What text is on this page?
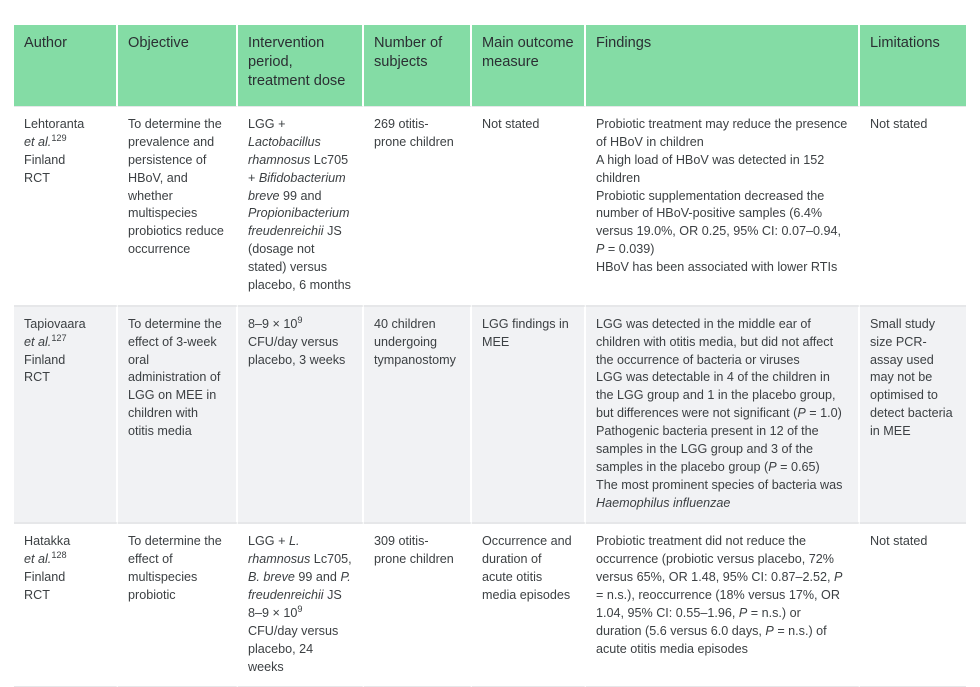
Author	Objective	Intervention period, treatment dose	Number of subjects	Main outcome measure	Findings	Limitations

Lehtoranta
et al.$^{129}$
Finland
RCT
	To determine the prevalence and persistence of HBoV, and whether multispecies probiotics reduce occurrence	LGG + Lactobacillus rhamnosus Lc705 + Bifidobacterium breve 99 and Propionibacterium freudenreichii JS (dosage not stated) versus placebo, 6 months	269 otitis-prone children	Not stated	Probiotic treatment may reduce the presence of HBoV in children
A high load of HBoV was detected in 152 children
Probiotic supplementation decreased the number of HBoV-positive samples (6.4% versus 19.0%, OR 0.25, 95% CI: 0.07–0.94, P = 0.039)
HBoV has been associated with lower RTIs
	Not stated

Tapiovaara
et al.$^{127}$
Finland
RCT
	To determine the effect of 3-week oral administration of LGG on MEE in children with otitis media	$8-9 \times 10^9$ CFU/day versus placebo, 3 weeks	40 children undergoing tympanostomy	LGG findings in MEE	
LGG was detected in the middle ear of children with otitis media, but did not affect the occurrence of bacteria or viruses
LGG was detectable in 4 of the children in the LGG group and 1 in the placebo group, but differences were not significant (P = 1.0)
Pathogenic bacteria present in 12 of the samples in the LGG group and 3 of the samples in the placebo group (P = 0.65)
The most prominent species of bacteria was Haemophilus influenzae
	Small study size PCR-assay used may not be optimised to detect bacteria in MEE

Hatakka
et al.$^{128}$
Finland
RCT
	To determine the effect of multispecies probiotic	LGG + L. rhamnosus Lc705, B. breve 99 and P. freudenreichii JS $8-9 \times 10^9$ CFU/day versus placebo, 24 weeks	309 otitis-prone children	Occurrence and duration of acute otitis media episodes	
Probiotic treatment did not reduce the occurrence (probiotic versus placebo, 72% versus 65%, OR 1.48, 95% CI: 0.87–2.52, P = n.s.), reoccurrence (18% versus 17%, OR 1.04, 95% CI: 0.55–1.96, P = n.s.) or duration (5.6 versus 6.0 days, P = n.s.) of acute otitis media episodes
	Not stated
